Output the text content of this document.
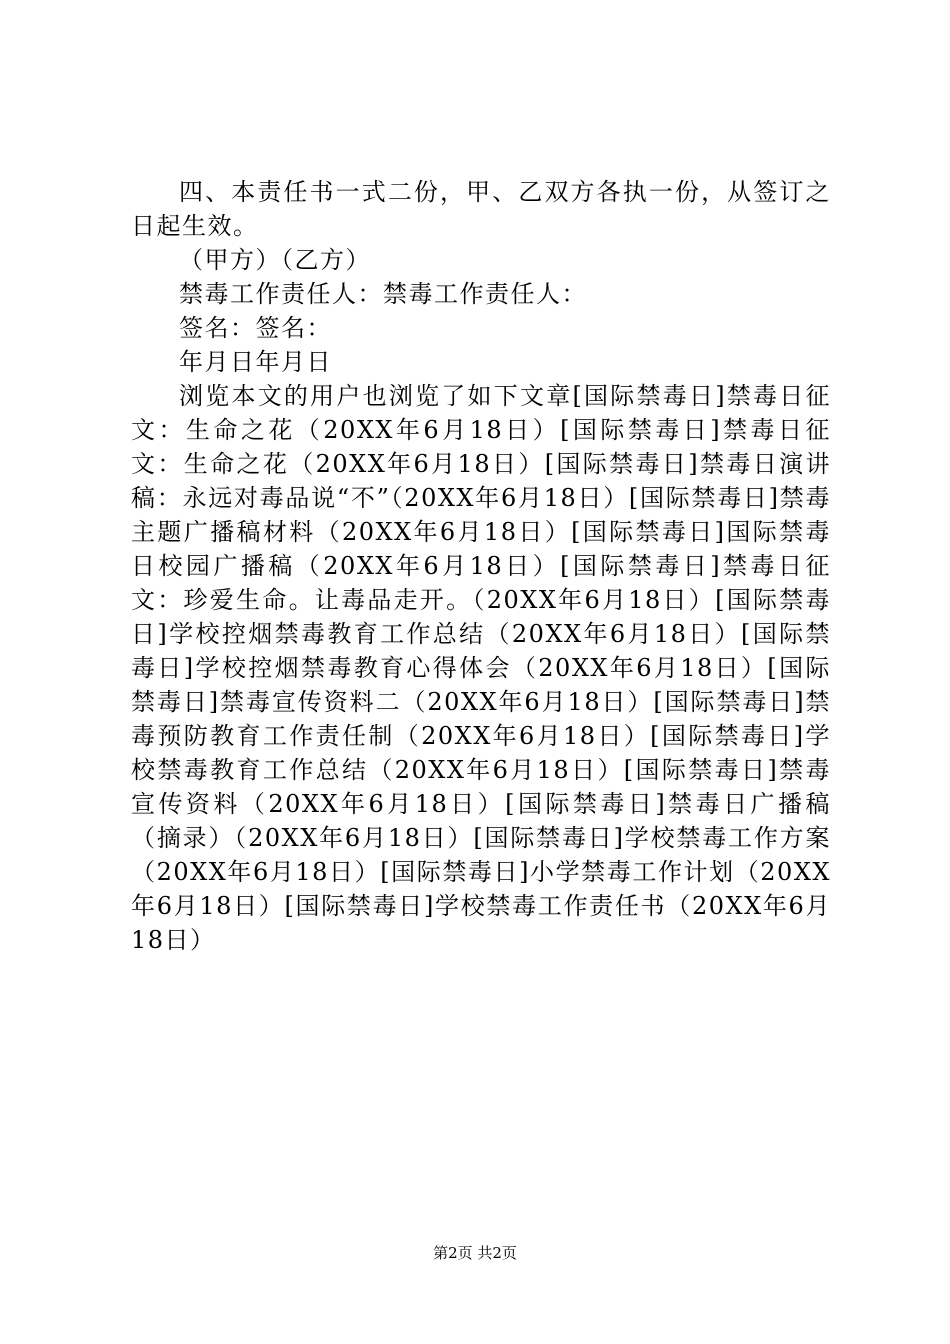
四、本责任书一式二份，甲、乙双方各执一份，从签订之日起生效。

（甲方）（乙方）

禁毒工作责任人：禁毒工作责任人：

签名：签名：

年月日年月日

浏览本文的用户也浏览了如下文章[国际禁毒日]禁毒日征文：生命之花（20XX年6月18日）[国际禁毒日]禁毒日征文：生命之花（20XX年6月18日）[国际禁毒日]禁毒日演讲稿：永远对毒品说“不”（20XX年6月18日）[国际禁毒日]禁毒主题广播稿材料（20XX年6月18日）[国际禁毒日]国际禁毒日校园广播稿（20XX年6月18日）[国际禁毒日]禁毒日征文：珍爱生命。让毒品走开。（20XX年6月18日）[国际禁毒日]学校控烟禁毒教育工作总结（20XX年6月18日）[国际禁毒日]学校控烟禁毒教育心得体会（20XX年6月18日）[国际禁毒日]禁毒宣传资料二（20XX年6月18日）[国际禁毒日]禁毒预防教育工作责任制（20XX年6月18日）[国际禁毒日]学校禁毒教育工作总结（20XX年6月18日）[国际禁毒日]禁毒宣传资料（20XX年6月18日）[国际禁毒日]禁毒日广播稿（摘录）（20XX年6月18日）[国际禁毒日]学校禁毒工作方案（20XX年6月18日）[国际禁毒日]小学禁毒工作计划（20XX年6月18日）[国际禁毒日]学校禁毒工作责任书（20XX年6月18日）

第2页 共2页
